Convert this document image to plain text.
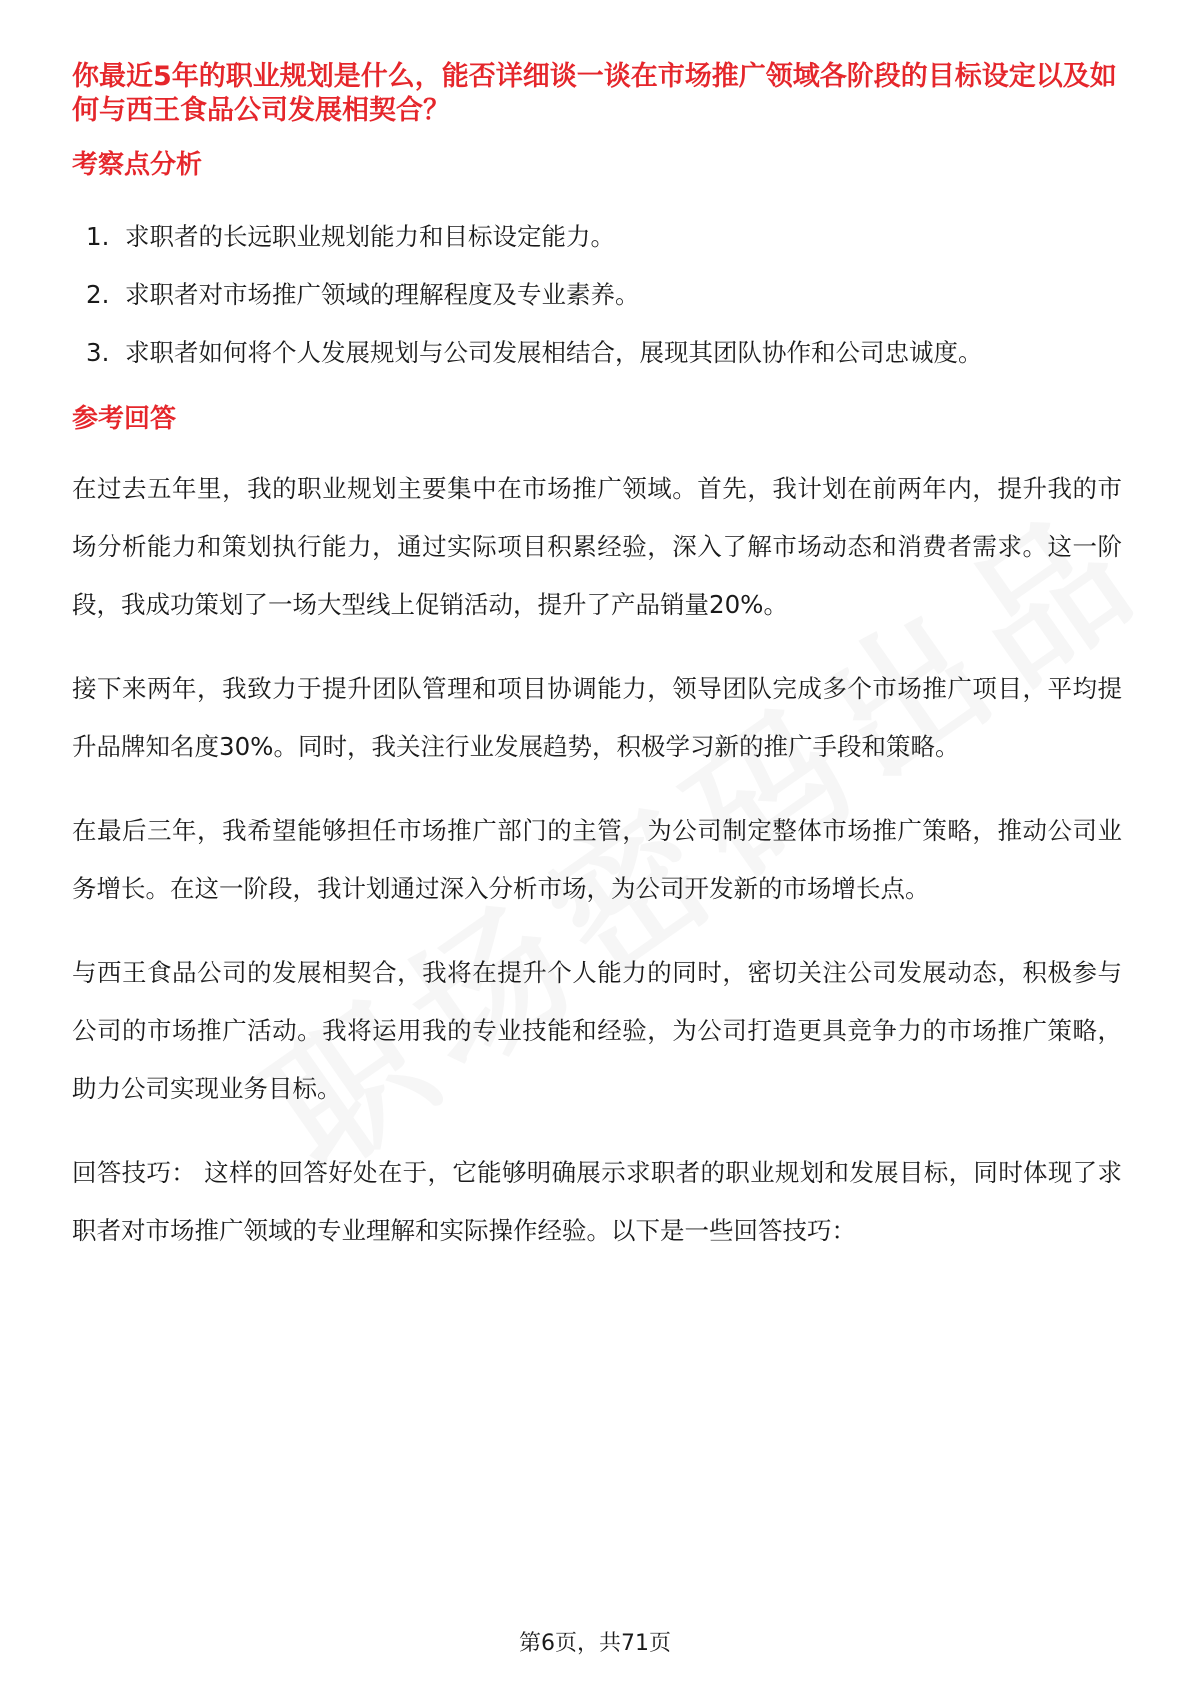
你最近5年的职业规划是什么，能否详细谈一谈在市场推广领域各阶段的目标设定以及如何与西王食品公司发展相契合？
考察点分析
1. 求职者的长远职业规划能力和目标设定能力。
2. 求职者对市场推广领域的理解程度及专业素养。
3. 求职者如何将个人发展规划与公司发展相结合，展现其团队协作和公司忠诚度。
参考回答

在过去五年里，我的职业规划主要集中在市场推广领域。首先，我计划在前两年内，提升我的市场分析能力和策划执行能力，通过实际项目积累经验，深入了解市场动态和消费者需求。这一阶段，我成功策划了一场大型线上促销活动，提升了产品销量20%。

接下来两年，我致力于提升团队管理和项目协调能力，领导团队完成多个市场推广项目，平均提升品牌知名度30%。同时，我关注行业发展趋势，积极学习新的推广手段和策略。

在最后三年，我希望能够担任市场推广部门的主管，为公司制定整体市场推广策略，推动公司业务增长。在这一阶段，我计划通过深入分析市场，为公司开发新的市场增长点。

与西王食品公司的发展相契合，我将在提升个人能力的同时，密切关注公司发展动态，积极参与公司的市场推广活动。我将运用我的专业技能和经验，为公司打造更具竞争力的市场推广策略，助力公司实现业务目标。

回答技巧： 这样的回答好处在于，它能够明确展示求职者的职业规划和发展目标，同时体现了求职者对市场推广领域的专业理解和实际操作经验。以下是一些回答技巧：

第6页，共71页
